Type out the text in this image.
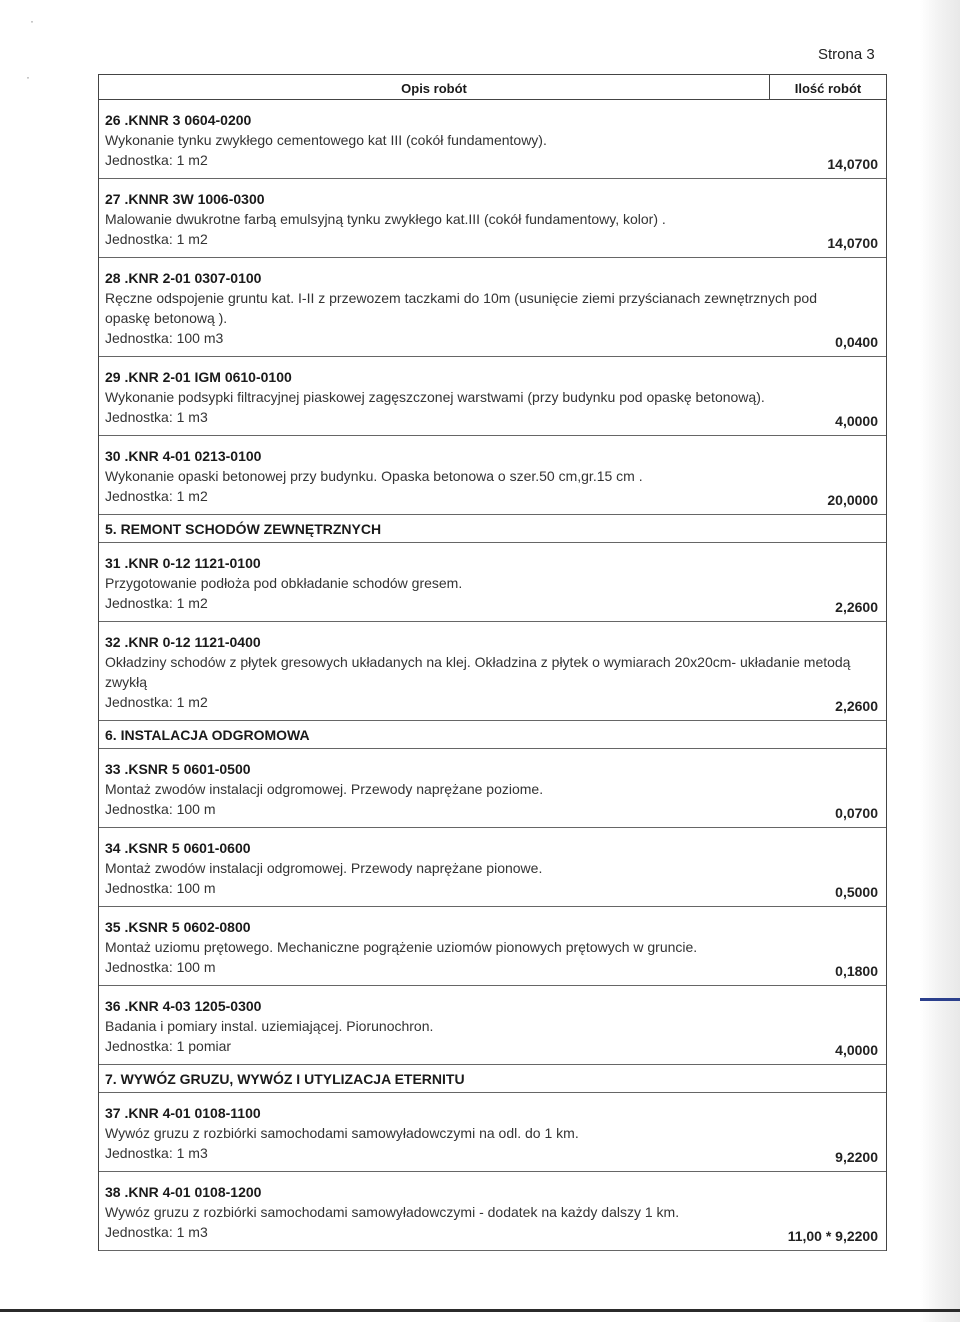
·
·
Strona 3
Opis robót	Ilość robót
26 .KNNR 3 0604-0200
Wykonanie tynku zwykłego cementowego kat III (cokół fundamentowy).
Jednostka: 1 m2	14,0700
27 .KNNR 3W 1006-0300
Malowanie dwukrotne farbą emulsyjną tynku zwykłego kat.III (cokół fundamentowy, kolor) .
Jednostka: 1 m2	14,0700
28 .KNR 2-01 0307-0100
Ręczne odspojenie gruntu kat. I-II z przewozem taczkami do 10m (usunięcie ziemi przyścianach zewnętrznych pod opaskę betonową ).
Jednostka: 100 m3	0,0400
29 .KNR 2-01 IGM 0610-0100
Wykonanie podsypki filtracyjnej piaskowej zagęszczonej warstwami (przy budynku pod opaskę betonową).
Jednostka: 1 m3	4,0000
30 .KNR 4-01 0213-0100
Wykonanie opaski betonowej przy budynku. Opaska betonowa o szer.50 cm,gr.15 cm .
Jednostka: 1 m2	20,0000
5. REMONT SCHODÓW ZEWNĘTRZNYCH
31 .KNR 0-12 1121-0100
Przygotowanie podłoża pod obkładanie schodów gresem.
Jednostka: 1 m2	2,2600
32 .KNR 0-12 1121-0400
Okładziny schodów z płytek gresowych układanych na klej. Okładzina z płytek o wymiarach 20x20cm- układanie metodą zwykłą
Jednostka: 1 m2	2,2600
6. INSTALACJA ODGROMOWA
33 .KSNR 5 0601-0500
Montaż zwodów instalacji odgromowej. Przewody naprężane poziome.
Jednostka: 100 m	0,0700
34 .KSNR 5 0601-0600
Montaż zwodów instalacji odgromowej. Przewody naprężane pionowe.
Jednostka: 100 m	0,5000
35 .KSNR 5 0602-0800
Montaż uziomu prętowego. Mechaniczne pogrążenie uziomów pionowych prętowych w gruncie.
Jednostka: 100 m	0,1800
36 .KNR 4-03 1205-0300
Badania i pomiary instal. uziemiającej. Piorunochron.
Jednostka: 1 pomiar	4,0000
7. WYWÓZ GRUZU, WYWÓZ I UTYLIZACJA ETERNITU
37 .KNR 4-01 0108-1100
Wywóz gruzu z rozbiórki samochodami samowyładowczymi na odl. do 1 km.
Jednostka: 1 m3	9,2200
38 .KNR 4-01 0108-1200
Wywóz gruzu z rozbiórki samochodami samowyładowczymi - dodatek na każdy dalszy 1 km.
Jednostka: 1 m3	11,00 * 9,2200
